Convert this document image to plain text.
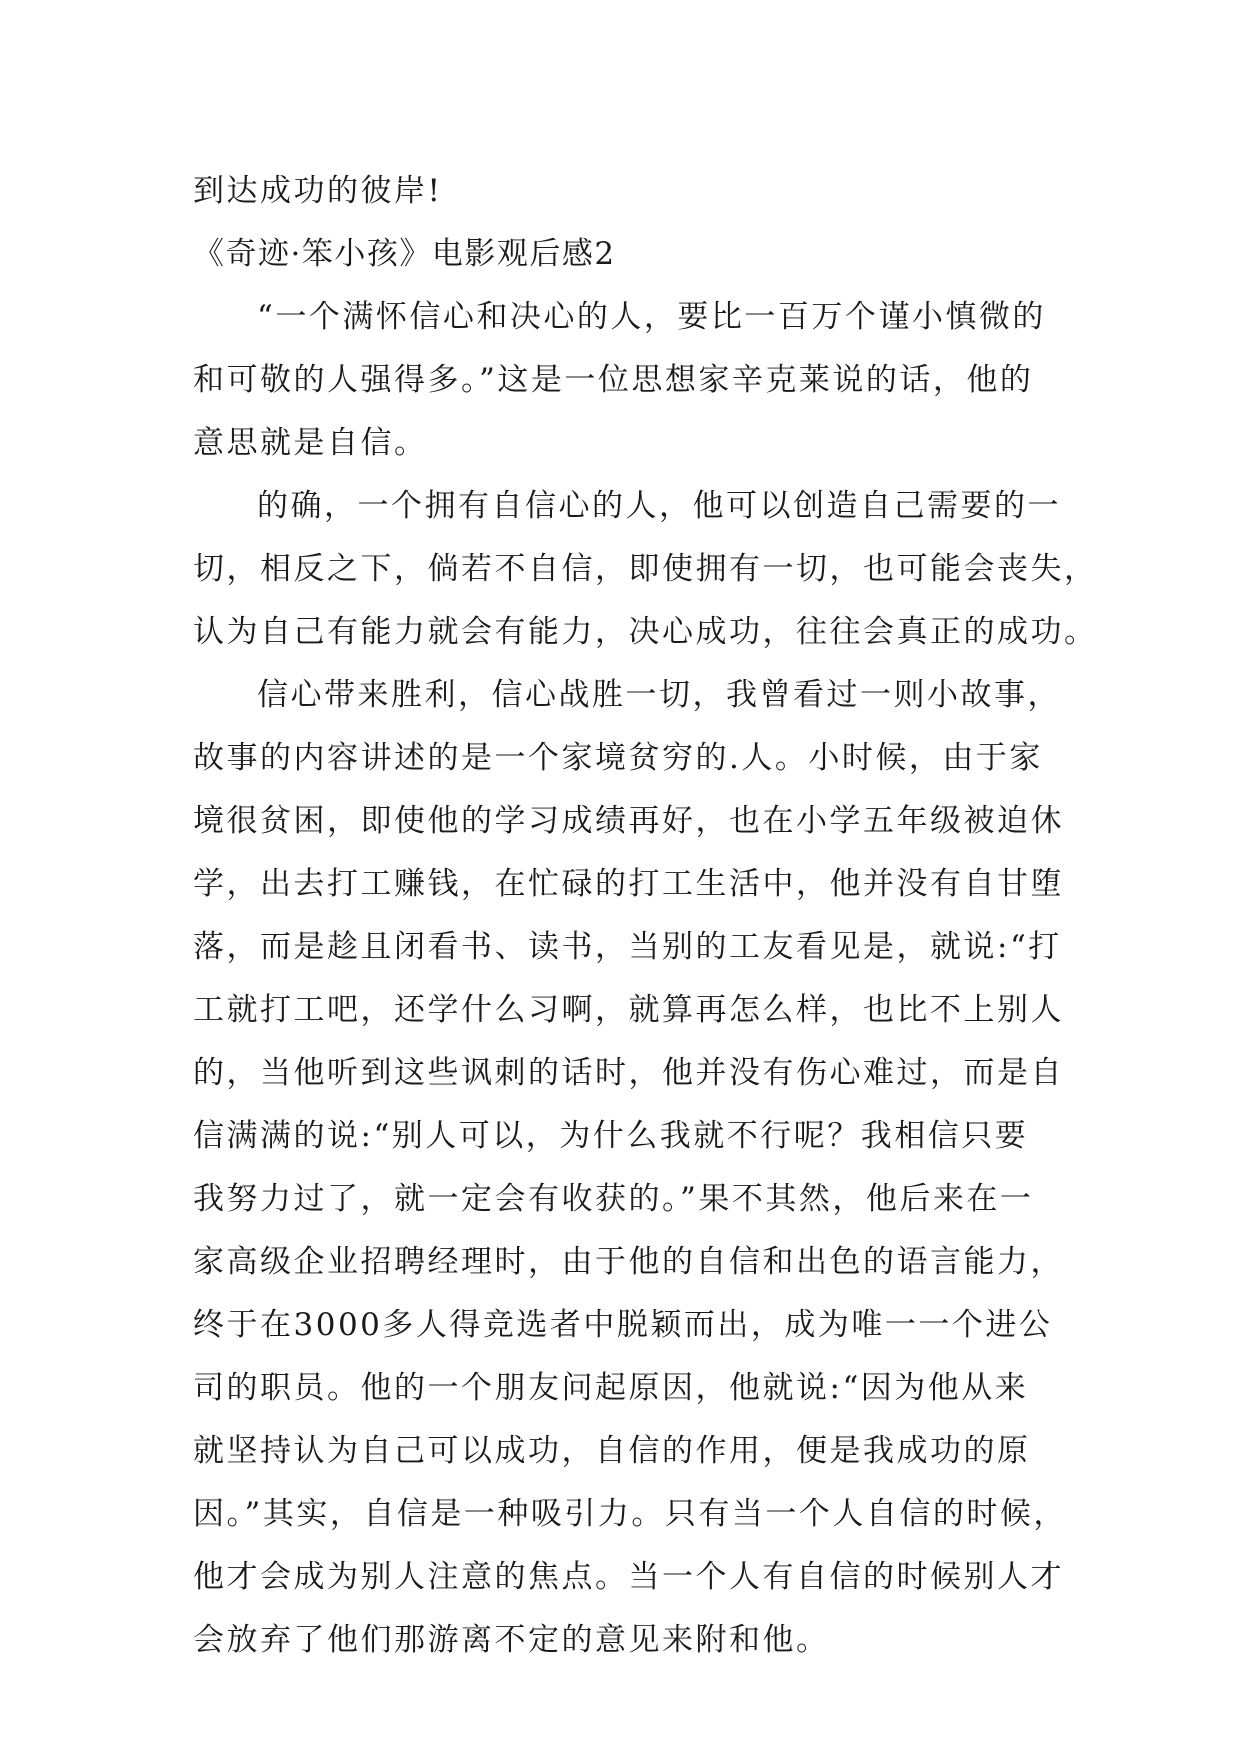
到达成功的彼岸!
《奇迹·笨小孩》电影观后感2
“一个满怀信心和决心的人，要比一百万个谨小慎微的
和可敬的人强得多。”这是一位思想家辛克莱说的话，他的
意思就是自信。
的确，一个拥有自信心的人，他可以创造自己需要的一
切，相反之下，倘若不自信，即使拥有一切，也可能会丧失，
认为自己有能力就会有能力，决心成功，往往会真正的成功。
信心带来胜利，信心战胜一切，我曾看过一则小故事，
故事的内容讲述的是一个家境贫穷的.人。小时候，由于家
境很贫困，即使他的学习成绩再好，也在小学五年级被迫休
学，出去打工赚钱，在忙碌的打工生活中，他并没有自甘堕
落，而是趁且闭看书、读书，当别的工友看见是，就说:“打
工就打工吧，还学什么习啊，就算再怎么样，也比不上别人
的，当他听到这些讽刺的话时，他并没有伤心难过，而是自
信满满的说:“别人可以，为什么我就不行呢？我相信只要
我努力过了，就一定会有收获的。”果不其然，他后来在一
家高级企业招聘经理时，由于他的自信和出色的语言能力，
终于在3000多人得竞选者中脱颖而出，成为唯一一个进公
司的职员。他的一个朋友问起原因，他就说:“因为他从来
就坚持认为自己可以成功，自信的作用，便是我成功的原
因。”其实，自信是一种吸引力。只有当一个人自信的时候，
他才会成为别人注意的焦点。当一个人有自信的时候别人才
会放弃了他们那游离不定的意见来附和他。
